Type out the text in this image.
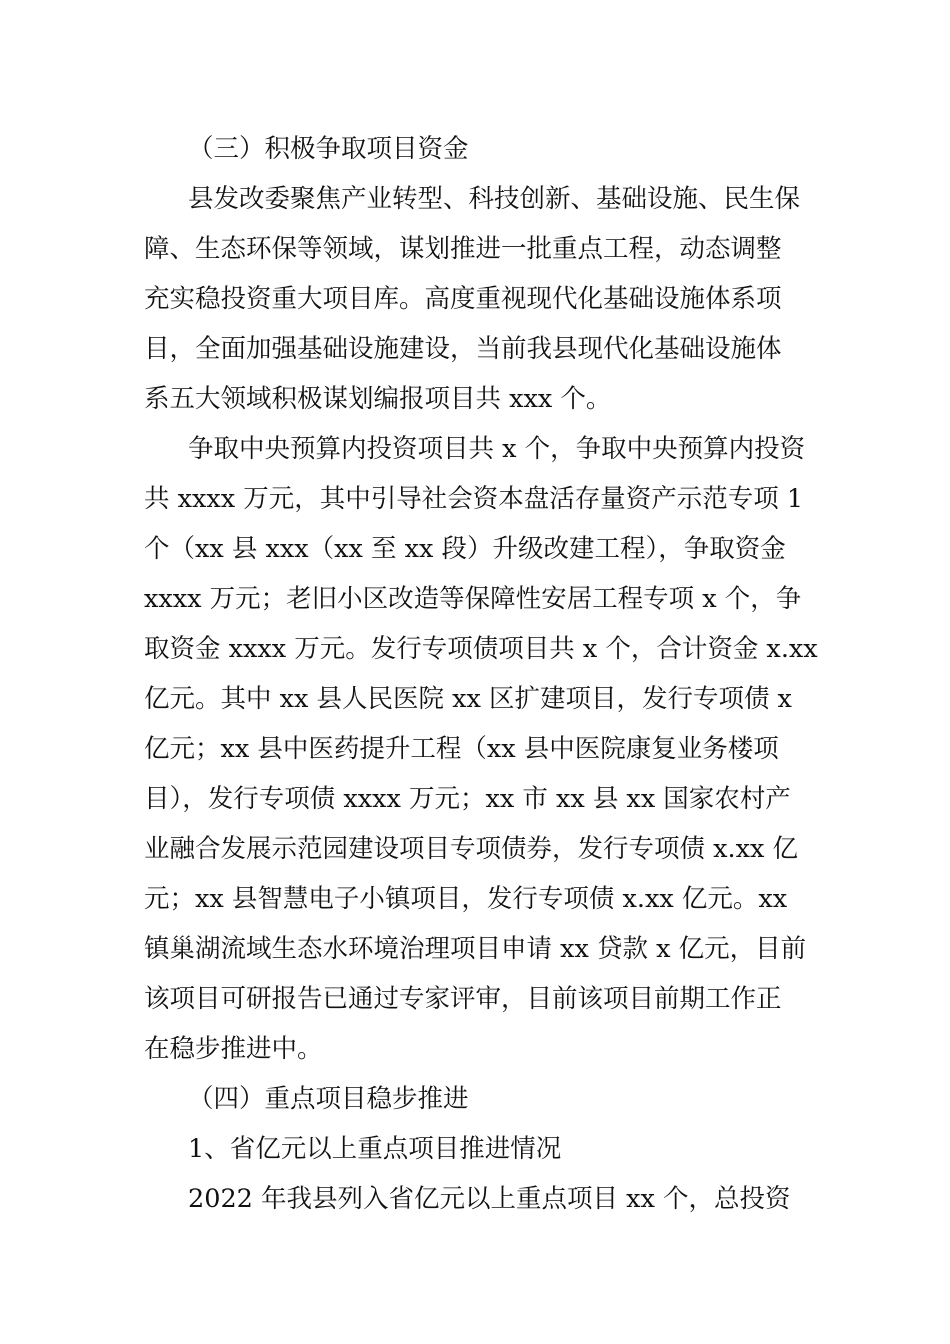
（三）积极争取项目资金

县发改委聚焦产业转型、科技创新、基础设施、民生保

障、生态环保等领域，谋划推进一批重点工程，动态调整

充实稳投资重大项目库。高度重视现代化基础设施体系项

目，全面加强基础设施建设，当前我县现代化基础设施体

系五大领域积极谋划编报项目共 xxx 个。

争取中央预算内投资项目共 x 个，争取中央预算内投资

共 xxxx 万元，其中引导社会资本盘活存量资产示范专项 1

个（xx 县 xxx（xx 至 xx 段）升级改建工程），争取资金

xxxx 万元；老旧小区改造等保障性安居工程专项 x 个，争

取资金 xxxx 万元。发行专项债项目共 x 个，合计资金 x.xx

亿元。其中 xx 县人民医院 xx 区扩建项目，发行专项债 x

亿元；xx 县中医药提升工程（xx 县中医院康复业务楼项

目），发行专项债 xxxx 万元；xx 市 xx 县 xx 国家农村产

业融合发展示范园建设项目专项债券，发行专项债 x.xx 亿

元；xx 县智慧电子小镇项目，发行专项债 x.xx 亿元。xx

镇巢湖流域生态水环境治理项目申请 xx 贷款 x 亿元，目前

该项目可研报告已通过专家评审，目前该项目前期工作正

在稳步推进中。

（四）重点项目稳步推进

1、省亿元以上重点项目推进情况

2022 年我县列入省亿元以上重点项目 xx 个，总投资
